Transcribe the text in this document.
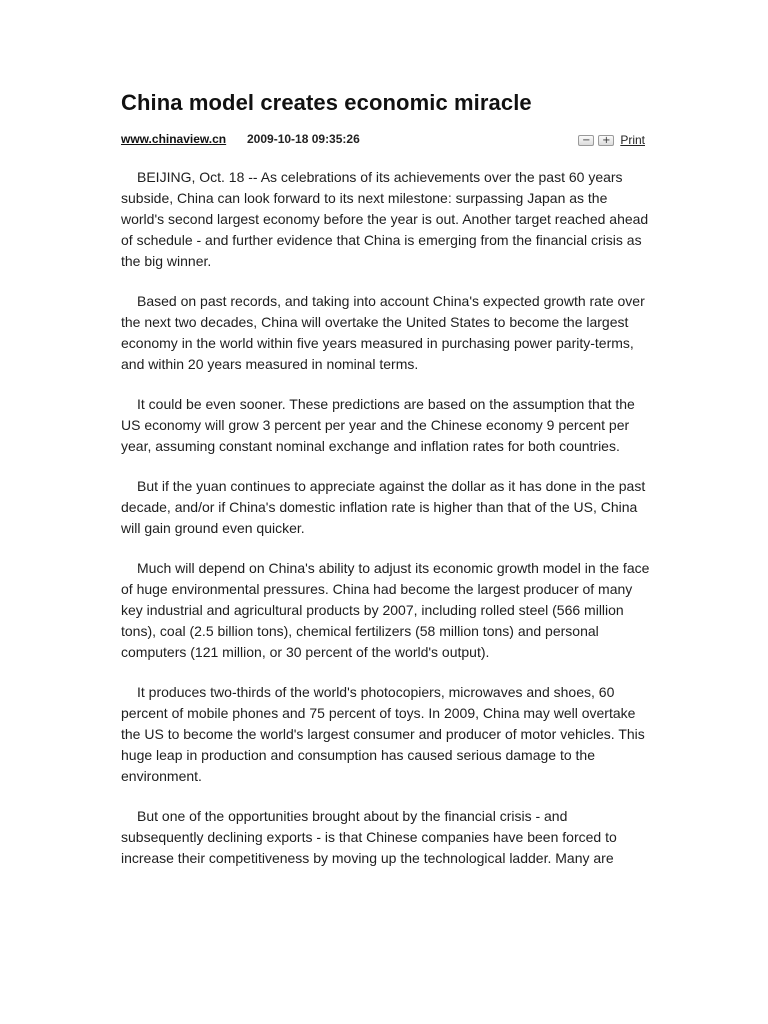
China model creates economic miracle
www.chinaview.cn 2009-10-18 09:35:26	−	+ Print

BEIJING, Oct. 18 -- As celebrations of its achievements over the past 60 years subside, China can look forward to its next milestone: surpassing Japan as the world's second largest economy before the year is out. Another target reached ahead of schedule - and further evidence that China is emerging from the financial crisis as the big winner.

Based on past records, and taking into account China's expected growth rate over the next two decades, China will overtake the United States to become the largest economy in the world within five years measured in purchasing power parity-terms, and within 20 years measured in nominal terms.

It could be even sooner. These predictions are based on the assumption that the US economy will grow 3 percent per year and the Chinese economy 9 percent per year, assuming constant nominal exchange and inflation rates for both countries.

But if the yuan continues to appreciate against the dollar as it has done in the past decade, and/or if China's domestic inflation rate is higher than that of the US, China will gain ground even quicker.

Much will depend on China's ability to adjust its economic growth model in the face of huge environmental pressures. China had become the largest producer of many key industrial and agricultural products by 2007, including rolled steel (566 million tons), coal (2.5 billion tons), chemical fertilizers (58 million tons) and personal computers (121 million, or 30 percent of the world's output).

It produces two-thirds of the world's photocopiers, microwaves and shoes, 60 percent of mobile phones and 75 percent of toys. In 2009, China may well overtake the US to become the world's largest consumer and producer of motor vehicles. This huge leap in production and consumption has caused serious damage to the environment.

But one of the opportunities brought about by the financial crisis - and subsequently declining exports - is that Chinese companies have been forced to increase their competitiveness by moving up the technological ladder. Many are
